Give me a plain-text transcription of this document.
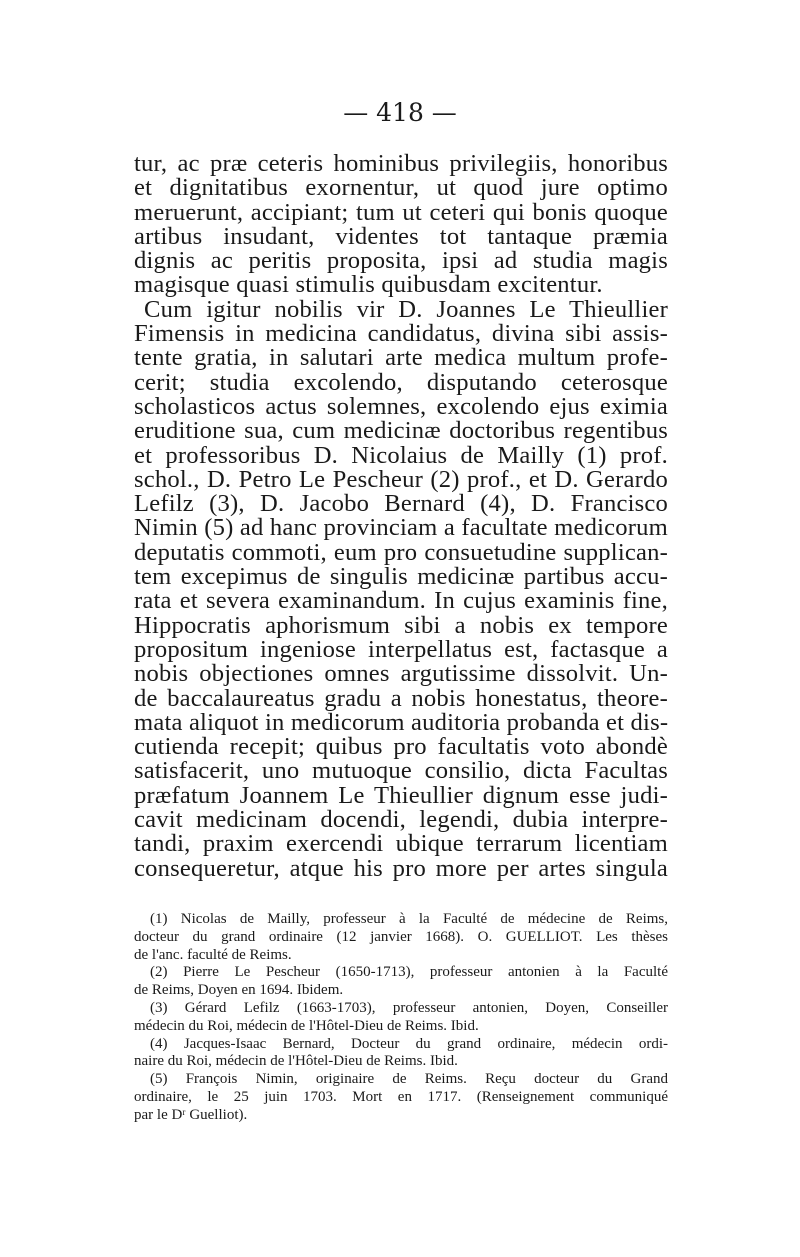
— 418 —
tur, ac præ ceteris hominibus privilegiis, honoribus
et dignitatibus exornentur, ut quod jure optimo
meruerunt, accipiant; tum ut ceteri qui bonis quoque
artibus insudant, videntes tot tantaque præmia
dignis ac peritis proposita, ipsi ad studia magis
magisque quasi stimulis quibusdam excitentur.
Cum igitur nobilis vir D. Joannes Le Thieullier
Fimensis in medicina candidatus, divina sibi assis-
tente gratia, in salutari arte medica multum profe-
cerit; studia excolendo, disputando ceterosque
scholasticos actus solemnes, excolendo ejus eximia
eruditione sua, cum medicinæ doctoribus regentibus
et professoribus D. Nicolaius de Mailly (1) prof.
schol., D. Petro Le Pescheur (2) prof., et D. Gerardo
Lefilz (3), D. Jacobo Bernard (4), D. Francisco
Nimin (5) ad hanc provinciam a facultate medicorum
deputatis commoti, eum pro consuetudine supplican-
tem excepimus de singulis medicinæ partibus accu-
rata et severa examinandum. In cujus examinis fine,
Hippocratis aphorismum sibi a nobis ex tempore
propositum ingeniose interpellatus est, factasque a
nobis objectiones omnes argutissime dissolvit. Un-
de baccalaureatus gradu a nobis honestatus, theore-
mata aliquot in medicorum auditoria probanda et dis-
cutienda recepit; quibus pro facultatis voto abondè
satisfacerit, uno mutuoque consilio, dicta Facultas
præfatum Joannem Le Thieullier dignum esse judi-
cavit medicinam docendi, legendi, dubia interpre-
tandi, praxim exercendi ubique terrarum licentiam
consequeretur, atque his pro more per artes singula
(1) Nicolas de Mailly, professeur à la Faculté de médecine de Reims,
docteur du grand ordinaire (12 janvier 1668). O. GUELLIOT. Les thèses
de l'anc. faculté de Reims.
(2) Pierre Le Pescheur (1650-1713), professeur antonien à la Faculté
de Reims, Doyen en 1694. Ibidem.
(3) Gérard Lefilz (1663-1703), professeur antonien, Doyen, Conseiller
médecin du Roi, médecin de l'Hôtel-Dieu de Reims. Ibid.
(4) Jacques-Isaac Bernard, Docteur du grand ordinaire, médecin ordi-
naire du Roi, médecin de l'Hôtel-Dieu de Reims. Ibid.
(5) François Nimin, originaire de Reims. Reçu docteur du Grand
ordinaire, le 25 juin 1703. Mort en 1717. (Renseignement communiqué
par le Dʳ Guelliot).
